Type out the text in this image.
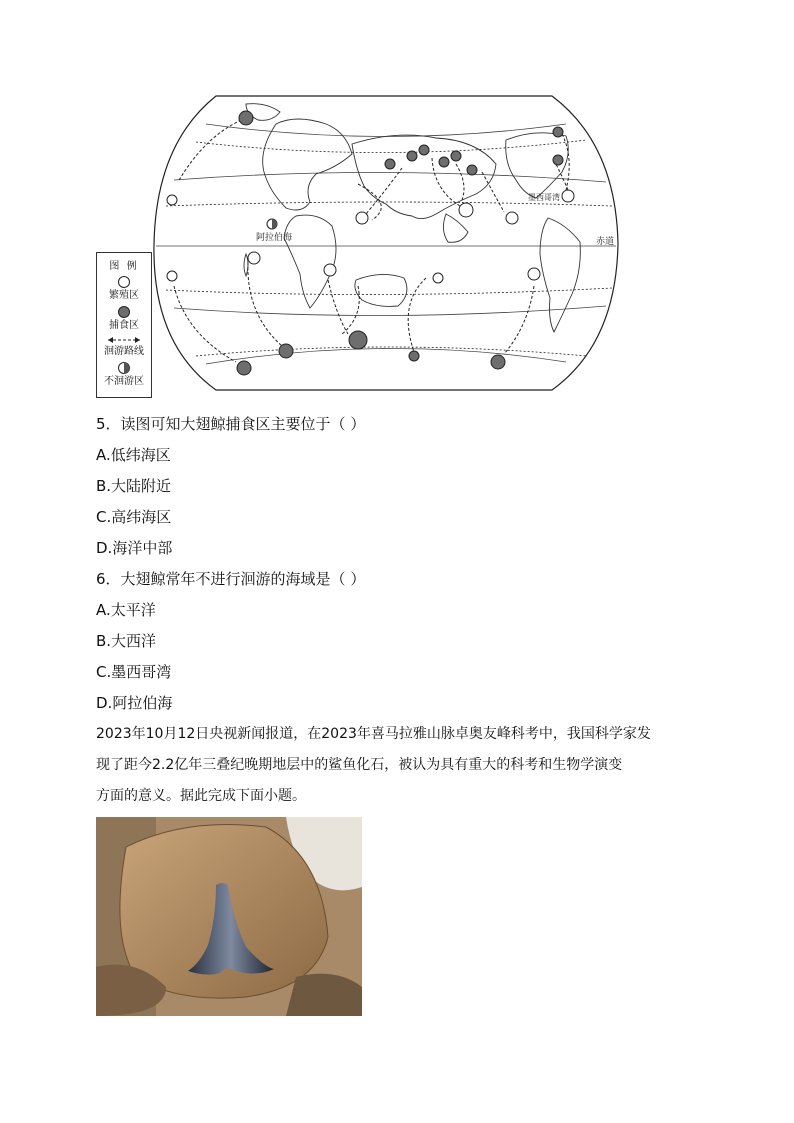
阿拉伯海
墨西哥湾
赤道
图 例
繁殖区
捕食区
洄游路线
不洄游区
5．读图可知大翅鲸捕食区主要位于（ ）
A.低纬海区
B.大陆附近
C.高纬海区
D.海洋中部
6．大翅鲸常年不进行洄游的海域是（ ）
A.太平洋
B.大西洋
C.墨西哥湾
D.阿拉伯海
2023年10月12日央视新闻报道，在2023年喜马拉雅山脉卓奥友峰科考中，我国科学家发
现了距今2.2亿年三叠纪晚期地层中的鲨鱼化石，被认为具有重大的科考和生物学演变
方面的意义。据此完成下面小题。
